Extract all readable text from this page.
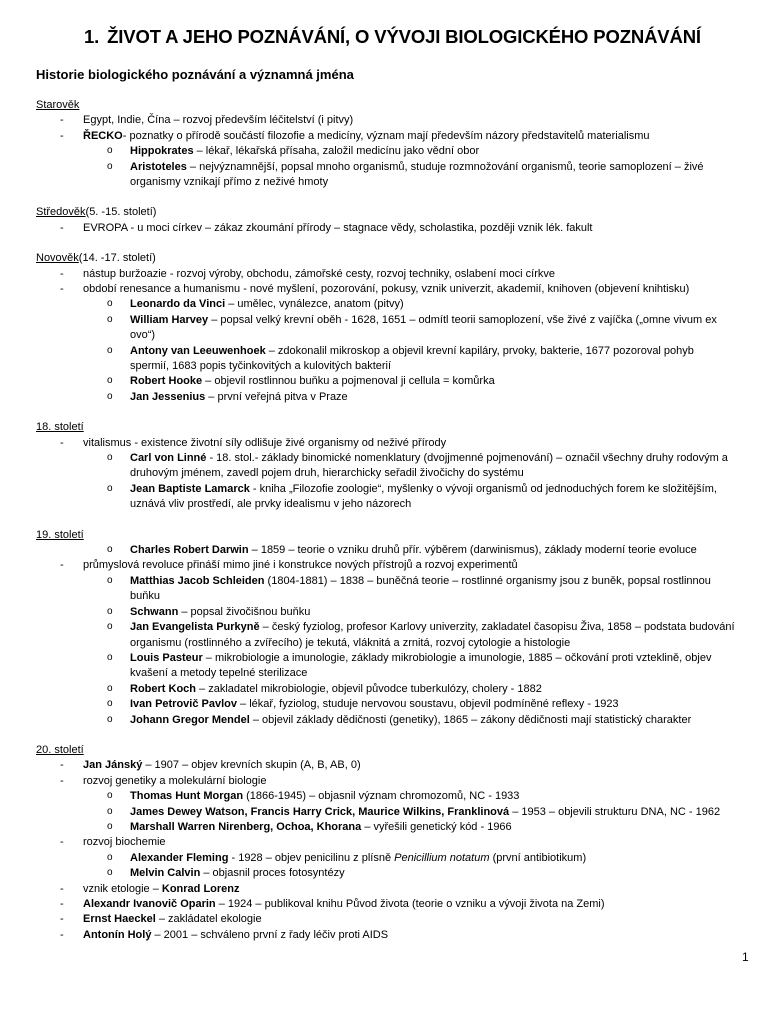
1. ŽIVOT A JEHO POZNÁVÁNÍ, O VÝVOJI BIOLOGICKÉHO POZNÁVÁNÍ
Historie biologického poznávání a významná jména
Starověk
- Egypt, Indie, Čína – rozvoj především léčitelství (i pitvy)
- ŘECKO- poznatky o přírodě součástí filozofie a medicíny, význam mají především názory představitelů materialismu
o Hippokrates – lékař, lékařská přísaha, založil medicínu jako vědní obor
o Aristoteles – nejvýznamnější, popsal mnoho organismů, studuje rozmnožování organismů, teorie samoplození – živé organismy vznikají přímo z neživé hmoty
Středověk(5. -15. století)
- EVROPA - u moci církev – zákaz zkoumání přírody – stagnace vědy, scholastika, později vznik lék. fakult
Novověk(14. -17. století)
- nástup buržoazie - rozvoj výroby, obchodu, zámořské cesty, rozvoj techniky, oslabení moci církve
- období renesance a humanismu - nové myšlení, pozorování, pokusy, vznik univerzit, akademií, knihoven (objevení knihtisku)
o Leonardo da Vinci – umělec, vynálezce, anatom (pitvy)
o William Harvey – popsal velký krevní oběh - 1628, 1651 – odmítl teorii samoplození, vše živé z vajíčka („omne vivum ex ovo“)
o Antony van Leeuwenhoek – zdokonalil mikroskop a objevil krevní kapiláry, prvoky, bakterie, 1677 pozoroval pohyb spermií, 1683 popis tyčinkovitých a kulovitých bakterií
o Robert Hooke – objevil rostlinnou buňku a pojmenoval ji cellula = komůrka
o Jan Jessenius – první veřejná pitva v Praze
18. století
- vitalismus - existence životní síly odlišuje živé organismy od neživé přírody
o Carl von Linné - 18. stol.- základy binomické nomenklatury (dvojjmenné pojmenování) – označil všechny druhy rodovým a druhovým jménem, zavedl pojem druh, hierarchicky seřadil živočichy do systému
o Jean Baptiste Lamarck - kniha „Filozofie zoologie“, myšlenky o vývoji organismů od jednoduchých forem ke složitějším, uznává vliv prostředí, ale prvky idealismu v jeho názorech
19. století
o Charles Robert Darwin – 1859 – teorie o vzniku druhů přír. výběrem (darwinismus), základy moderní teorie evoluce
- průmyslová revoluce přináší mimo jiné i konstrukce nových přístrojů a rozvoj experimentů
o Matthias Jacob Schleiden (1804-1881) – 1838 – buněčná teorie – rostlinné organismy jsou z buněk, popsal rostlinnou buňku
o Schwann – popsal živočišnou buňku
o Jan Evangelista Purkyně – český fyziolog, profesor Karlovy univerzity, zakladatel časopisu Živa, 1858 – podstata budování organismu (rostlinného a zvířecího) je tekutá, vláknitá a zrnitá, rozvoj cytologie a histologie
o Louis Pasteur – mikrobiologie a imunologie, základy mikrobiologie a imunologie, 1885 – očkování proti vzteklině, objev kvašení a metody tepelné sterilizace
o Robert Koch – zakladatel mikrobiologie, objevil původce tuberkulózy, cholery - 1882
o Ivan Petrovič Pavlov – lékař, fyziolog, studuje nervovou soustavu, objevil podmíněné reflexy - 1923
o Johann Gregor Mendel – objevil základy dědičnosti (genetiky), 1865 – zákony dědičnosti mají statistický charakter
20. století
- Jan Jánský – 1907 – objev krevních skupin (A, B, AB, 0)
- rozvoj genetiky a molekulární biologie
o Thomas Hunt Morgan (1866-1945) – objasnil význam chromozomů, NC - 1933
o James Dewey Watson, Francis Harry Crick, Maurice Wilkins, Franklinová – 1953 – objevili strukturu DNA, NC - 1962
o Marshall Warren Nirenberg, Ochoa, Khorana – vyřešili genetický kód - 1966
- rozvoj biochemie
o Alexander Fleming - 1928 – objev penicilinu z plísně Penicillium notatum (první antibiotikum)
o Melvin Calvin – objasnil proces fotosyntézy
- vznik etologie – Konrad Lorenz
- Alexandr Ivanovič Oparin – 1924 – publikoval knihu Původ života (teorie o vzniku a vývoji života na Zemi)
- Ernst Haeckel – zakládatel ekologie
- Antonín Holý – 2001 – schváleno první z řady léčiv proti AIDS
1
